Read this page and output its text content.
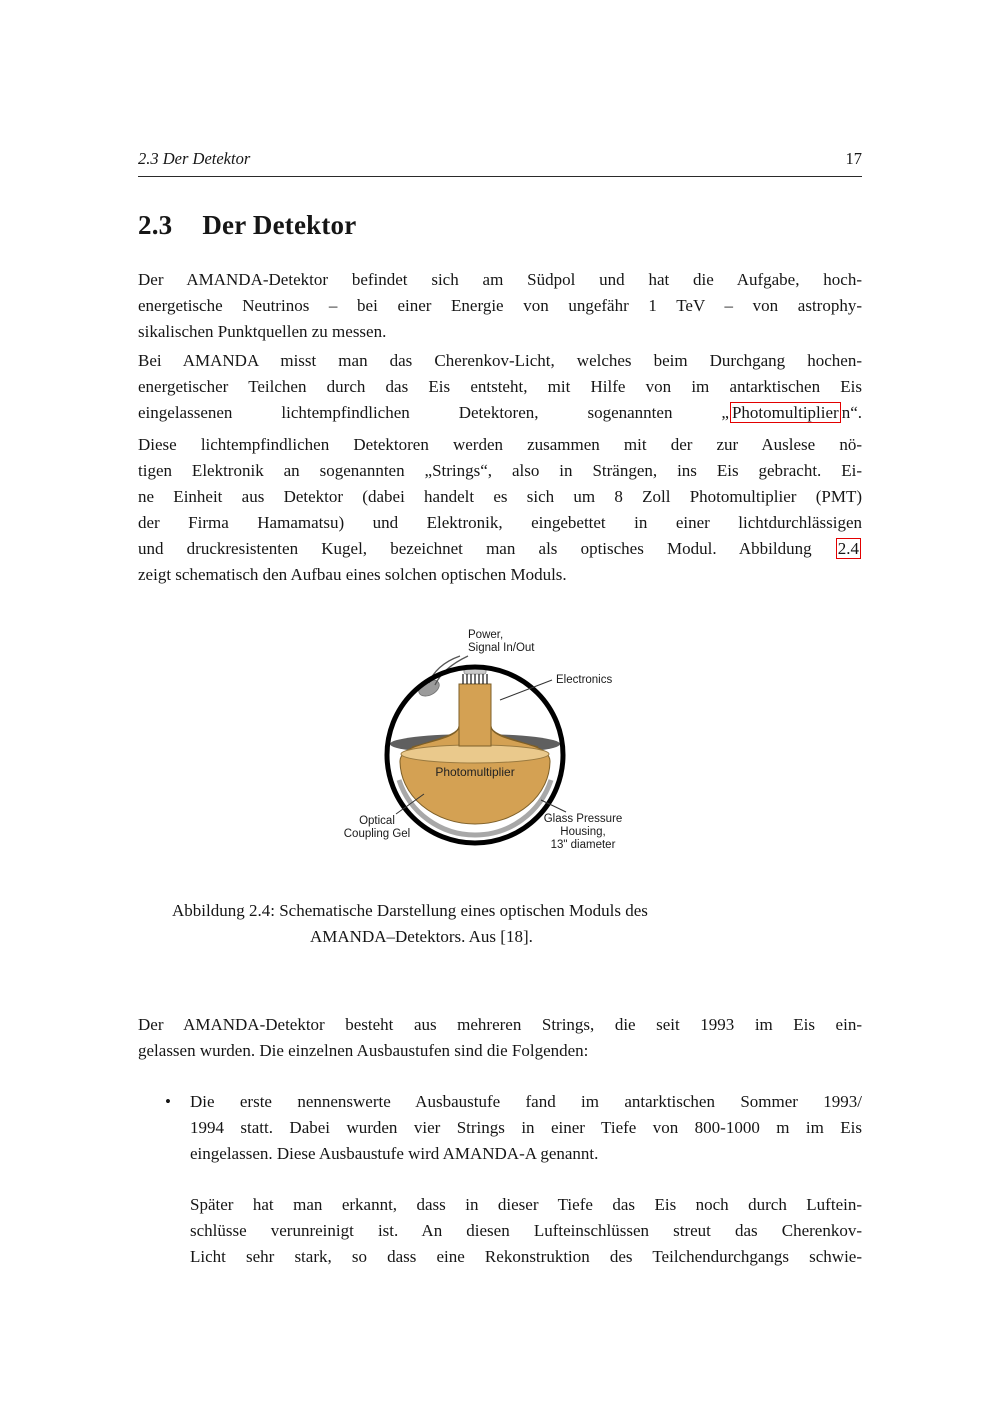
2.3 Der Detektor	17
2.3 Der Detektor
Der AMANDA-Detektor befindet sich am Südpol und hat die Aufgabe, hoch-
energetische Neutrinos – bei einer Energie von ungefähr 1 TeV – von astrophy-
sikalischen Punktquellen zu messen.
Bei AMANDA misst man das Cherenkov-Licht, welches beim Durchgang hochen-
energetischer Teilchen durch das Eis entsteht, mit Hilfe von im antarktischen Eis
eingelassenen lichtempfindlichen Detektoren, sogenannten „ Photomultiplier n“.
Diese lichtempfindlichen Detektoren werden zusammen mit der zur Auslese nö-
tigen Elektronik an sogenannten „Strings“, also in Strängen, ins Eis gebracht. Ei-
ne Einheit aus Detektor (dabei handelt es sich um 8 Zoll Photomultiplier (PMT)
der Firma Hamamatsu) und Elektronik, eingebettet in einer lichtdurchlässigen
und druckresistenten Kugel, bezeichnet man als optisches Modul. Abbildung 2.4
zeigt schematisch den Aufbau eines solchen optischen Moduls.
Power,
Signal In/Out
Electronics
Photomultiplier
Optical
Coupling Gel
Glass Pressure
Housing,
13" diameter
Abbildung 2.4: Schematische Darstellung eines optischen Moduls des
AMANDA–Detektors. Aus [18].
Der AMANDA-Detektor besteht aus mehreren Strings, die seit 1993 im Eis ein-
gelassen wurden. Die einzelnen Ausbaustufen sind die Folgenden:
• Die erste nennenswerte Ausbaustufe fand im antarktischen Sommer 1993/
1994 statt. Dabei wurden vier Strings in einer Tiefe von 800-1000 m im Eis
eingelassen. Diese Ausbaustufe wird AMANDA-A genannt.
Später hat man erkannt, dass in dieser Tiefe das Eis noch durch Luftein-
schlüsse verunreinigt ist. An diesen Lufteinschlüssen streut das Cherenkov-
Licht sehr stark, so dass eine Rekonstruktion des Teilchendurchgangs schwie-
